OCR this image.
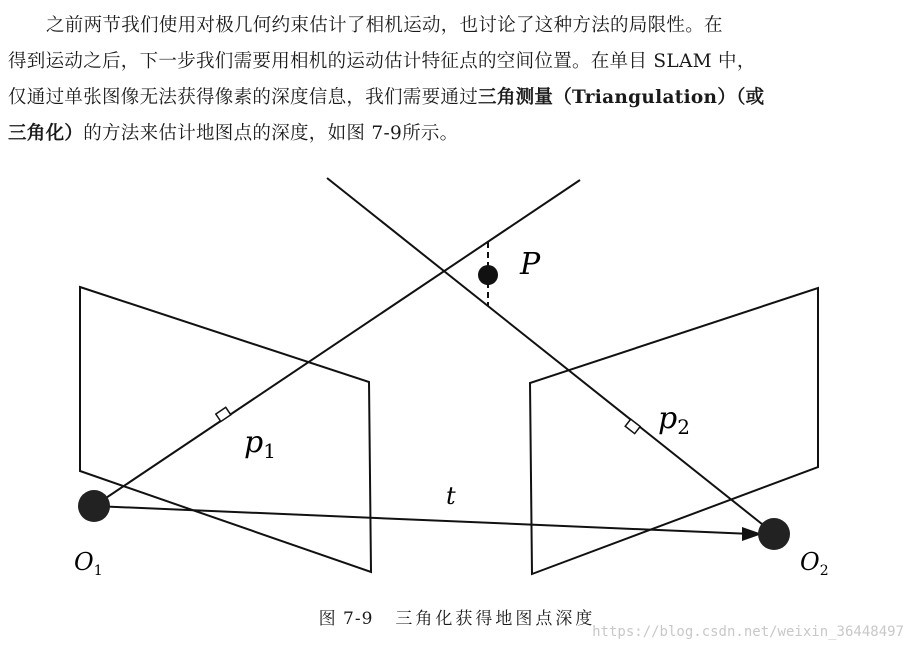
之前两节我们使用对极几何约束估计了相机运动，也讨论了这种方法的局限性。在
得到运动之后，下一步我们需要用相机的运动估计特征点的空间位置。在单目 SLAM 中，
仅通过单张图像无法获得像素的深度信息，我们需要通过三角测量（Triangulation）（或
三角化）的方法来估计地图点的深度，如图 7-9所示。
P
$p_1$
$p_2$
t
$O_1$	$O_2$
图 7-9 三角化获得地图点深度
https://blog.csdn.net/weixin_36448497
